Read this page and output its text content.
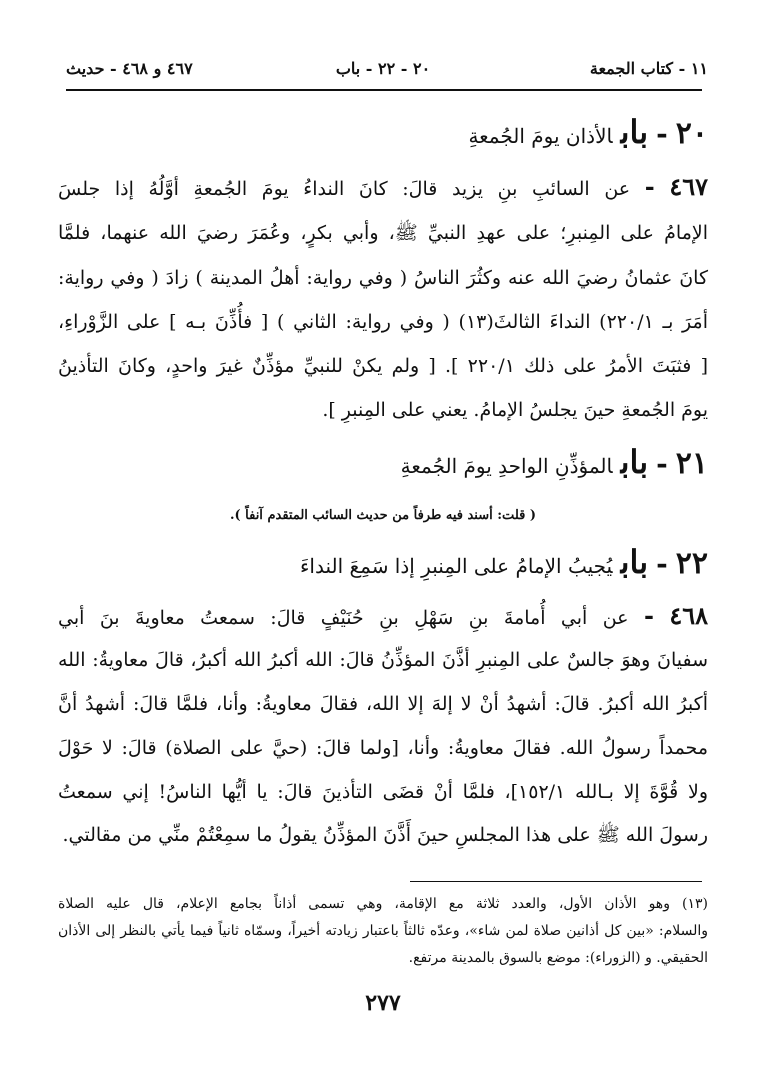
١١ - كتاب الجمعة
٢٠ - ٢٢ - باب
٤٦٧ و ٤٦٨ - حديث
٢٠-بابالأذان يومَ الجُمعةِ
٤٦٧ - عن السائبِ بنِ يزيد قالَ: كانَ النداءُ يومَ الجُمعةِ أوَّلُهُ إذا جلسَ
الإمامُ على المِنبرِ؛ على عهدِ النبيِّ ﷺ، وأبي بكرٍ، وعُمَرَ رضيَ الله عنهما، فلمَّا
كانَ عثمانُ رضيَ الله عنه وكثُرَ الناسُ ( وفي رواية: أهلُ المدينة ) زادَ ( وفي رواية:
أمَرَ بـ ٢٢٠/١) النداءَ الثالثَ(١٣) ( وفي رواية: الثاني ) [ فأُذِّنَ بـه ] على الزَّوْراءِ،
[ فثبَتَ الأمرُ على ذلك ٢٢٠/١ ]. [ ولم يكنْ للنبيِّ مؤذِّنٌ غيرَ واحدٍ، وكانَ التأذينُ
يومَ الجُمعةِ حينَ يجلسُ الإمامُ. يعني على المِنبرِ ].
٢١-بابالمؤذِّنِ الواحدِ يومَ الجُمعةِ
( قلت: أسند فيه طرفاً من حديث السائب المتقدم آنفاً ).
٢٢-بابيُجيبُ الإمامُ على المِنبرِ إذا سَمِعَ النداءَ
٤٦٨ - عن أبي أُمامةَ بنِ سَهْلِ بنِ حُنَيْفٍ قالَ: سمعتُ معاويةَ بنَ أبي
سفيانَ وهوَ جالسٌ على المِنبرِ أذَّنَ المؤذِّنُ قالَ: الله أكبرُ الله أكبرُ، قالَ معاويةُ: الله
أكبرُ الله أكبرُ. قالَ: أشهدُ أنْ لا إلهَ إلا الله، فقالَ معاويةُ: وأنا، فلمَّا قالَ: أشهدُ أنَّ
محمداً رسولُ الله. فقالَ معاويةُ: وأنا، [ولما قالَ: (حيَّ على الصلاة) قالَ: لا حَوْلَ
ولا قُوَّةَ إلا بـالله ١٥٢/١]، فلمَّا أنْ قضَى التأذينَ قالَ: يا أيُّها الناسُ! إني سمعتُ
رسولَ الله ﷺ على هذا المجلسِ حينَ أَذَّنَ المؤذِّنُ يقولُ ما سمِعْتُمْ منِّي من مقالتي.
(١٣) وهو الأذان الأول، والعدد ثلاثة مع الإقامة، وهي تسمى أذاناً بجامع الإعلام، قال عليه الصلاة
والسلام: «بين كل أذانين صلاة لمن شاء»، وعدّه ثالثاً باعتبار زيادته أخيراً، وسمّاه ثانياً فيما يأتي بالنظر إلى الأذان
الحقيقي. و (الزوراء): موضع بالسوق بالمدينة مرتفع.
٢٧٧
